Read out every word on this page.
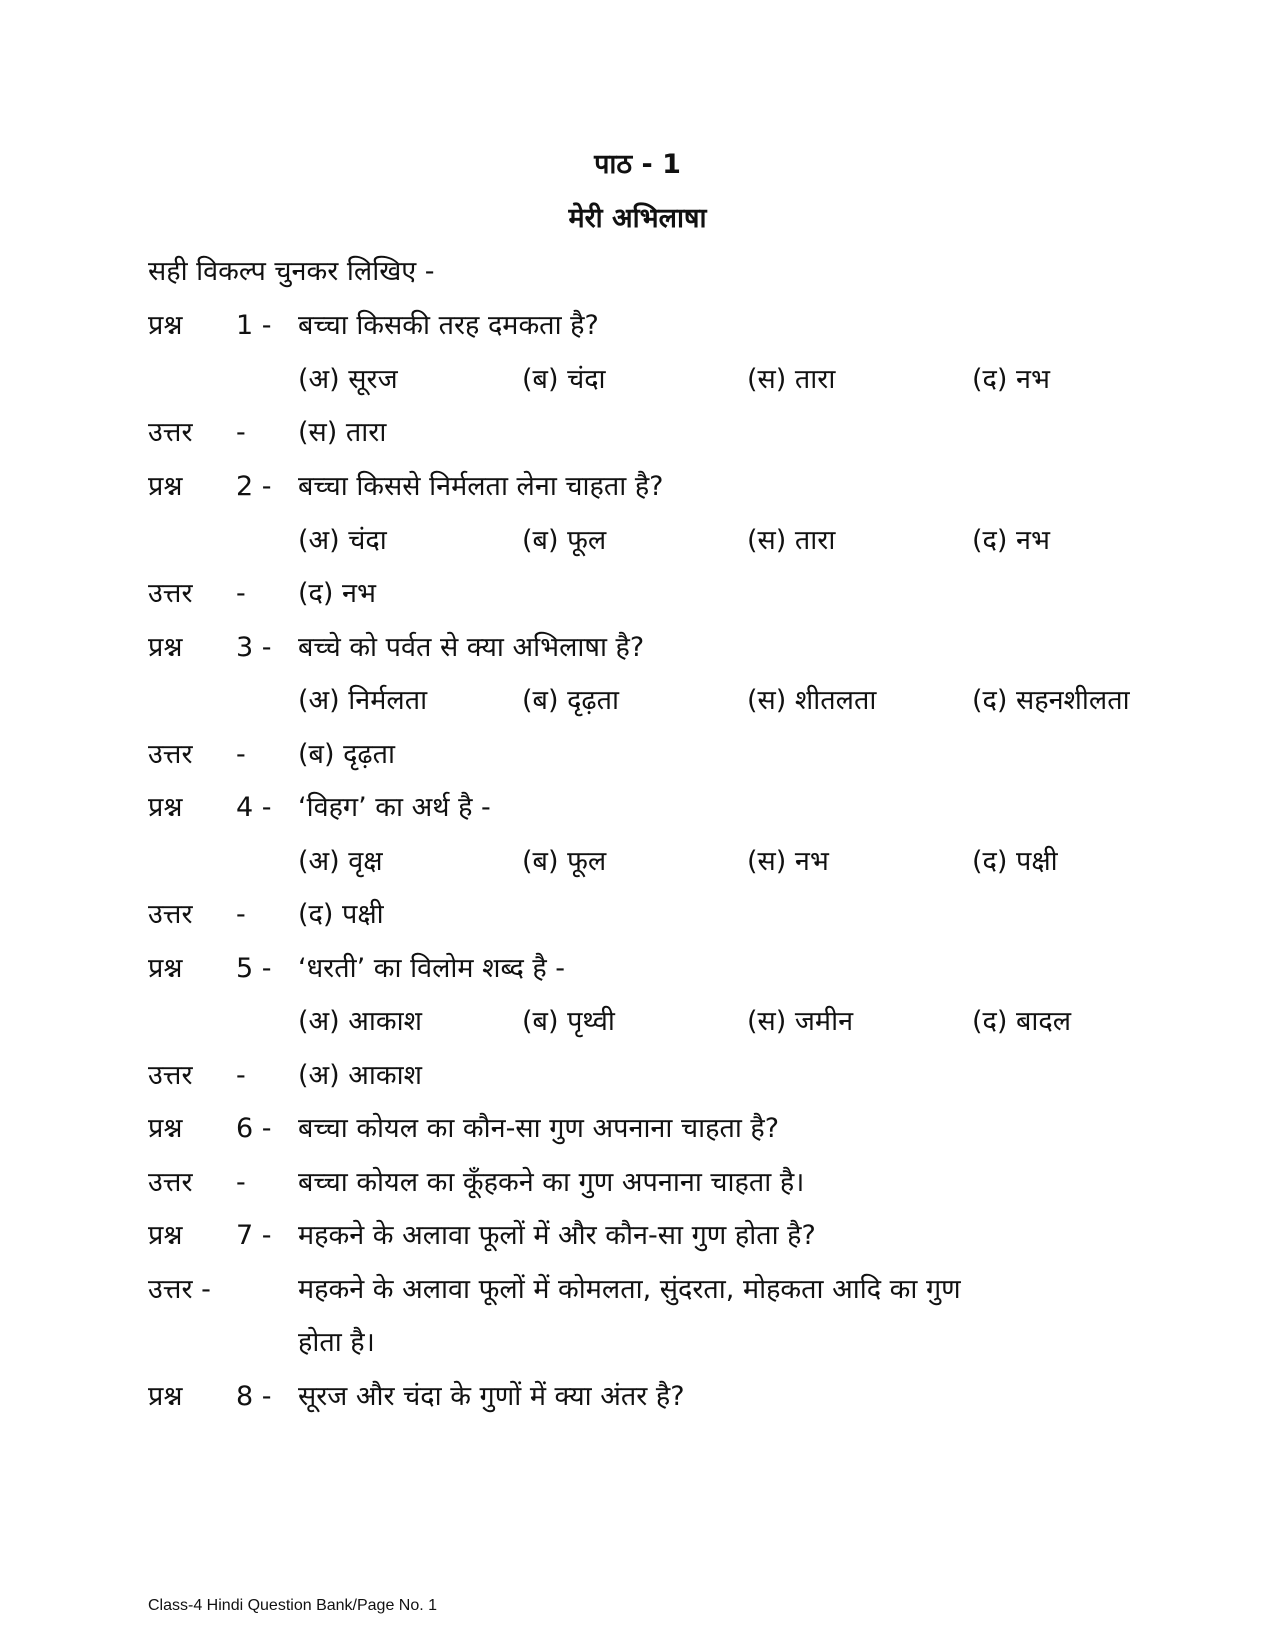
पाठ - 1
मेरी अभिलाषा
सही विकल्प चुनकर लिखिए -
प्रश्न 1 - बच्चा किसकी तरह दमकता है?
(अ) सूरज	(ब) चंदा	(स) तारा	(द) नभ
उत्तर - (स) तारा
प्रश्न 2 - बच्चा किससे निर्मलता लेना चाहता है?
(अ) चंदा	(ब) फूल	(स) तारा	(द) नभ
उत्तर - (द) नभ
प्रश्न 3 - बच्चे को पर्वत से क्या अभिलाषा है?
(अ) निर्मलता	(ब) दृढ़ता	(स) शीतलता	(द) सहनशीलता
उत्तर - (ब) दृढ़ता
प्रश्न 4 - ‘विहग’ का अर्थ है -
(अ) वृक्ष	(ब) फूल	(स) नभ	(द) पक्षी
उत्तर - (द) पक्षी
प्रश्न 5 - ‘धरती’ का विलोम शब्द है -
(अ) आकाश	(ब) पृथ्वी	(स) जमीन	(द) बादल
उत्तर - (अ) आकाश
प्रश्न 6 - बच्चा कोयल का कौन-सा गुण अपनाना चाहता है?
उत्तर - बच्चा कोयल का कूँहकने का गुण अपनाना चाहता है।
प्रश्न 7 - महकने के अलावा फूलों में और कौन-सा गुण होता है?
उत्तर -	महकने के अलावा फूलों में कोमलता, सुंदरता, मोहकता आदि का गुण
होता है।
प्रश्न 8 - सूरज और चंदा के गुणों में क्या अंतर है?
Class-4 Hindi Question Bank/Page No. 1
